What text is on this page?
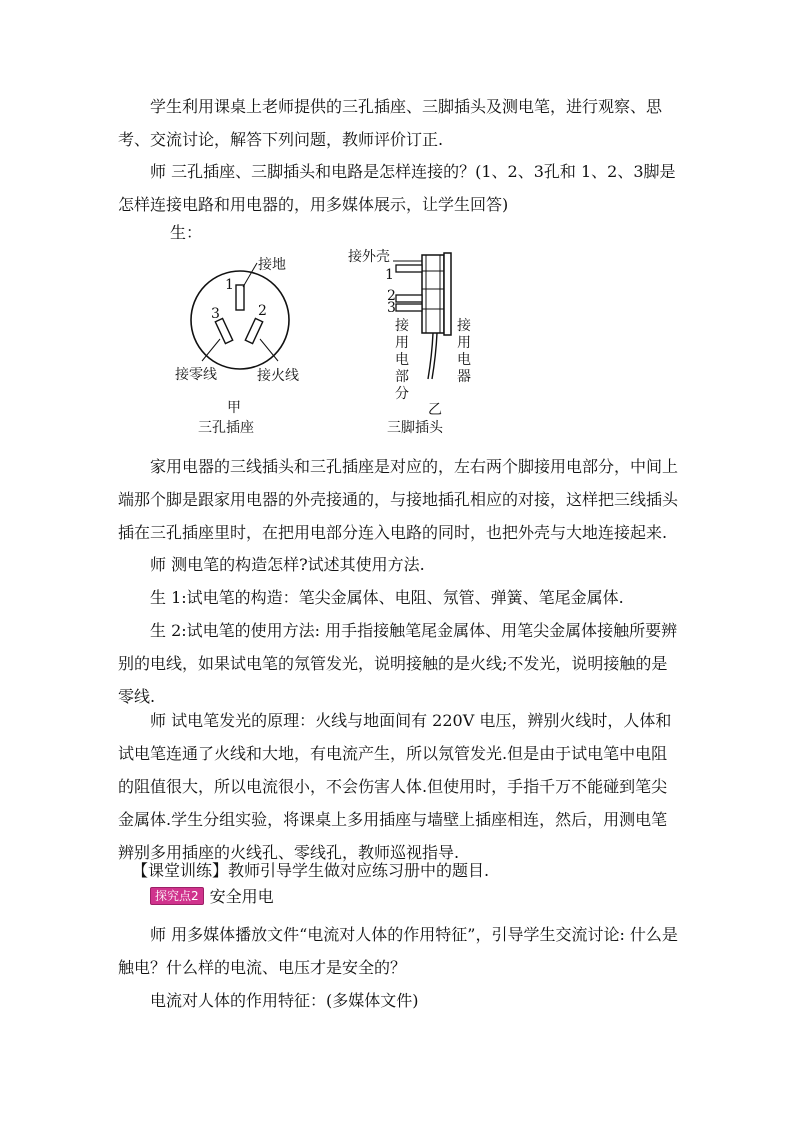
学生利用课桌上老师提供的三孔插座、三脚插头及测电笔，进行观察、思考、交流讨论，解答下列问题，教师评价订正.
师 三孔插座、三脚插头和电路是怎样连接的？(1、2、3孔和 1、2、3脚是怎样连接电路和用电器的，用多媒体展示，让学生回答)
生：
接地
1
2
3
接零线	接火线
甲
三孔插座
接外壳
1
2
3
接用电部分
接用电器
乙
三脚插头
家用电器的三线插头和三孔插座是对应的，左右两个脚接用电部分，中间上端那个脚是跟家用电器的外壳接通的，与接地插孔相应的对接，这样把三线插头插在三孔插座里时，在把用电部分连入电路的同时，也把外壳与大地连接起来.
师 测电笔的构造怎样?试述其使用方法.
生 1:试电笔的构造：笔尖金属体、电阻、氖管、弹簧、笔尾金属体.
生 2:试电笔的使用方法: 用手指接触笔尾金属体、用笔尖金属体接触所要辨别的电线，如果试电笔的氖管发光，说明接触的是火线;不发光，说明接触的是零线.
师 试电笔发光的原理：火线与地面间有 220V 电压，辨别火线时，人体和试电笔连通了火线和大地，有电流产生，所以氖管发光.但是由于试电笔中电阻的阻值很大，所以电流很小，不会伤害人体.但使用时，手指千万不能碰到笔尖金属体.学生分组实验，将课桌上多用插座与墙壁上插座相连，然后，用测电笔辨别多用插座的火线孔、零线孔，教师巡视指导.
【课堂训练】教师引导学生做对应练习册中的题目.
探究点2 安全用电
师 用多媒体播放文件“电流对人体的作用特征”，引导学生交流讨论: 什么是触电？什么样的电流、电压才是安全的？
电流对人体的作用特征：(多媒体文件)
